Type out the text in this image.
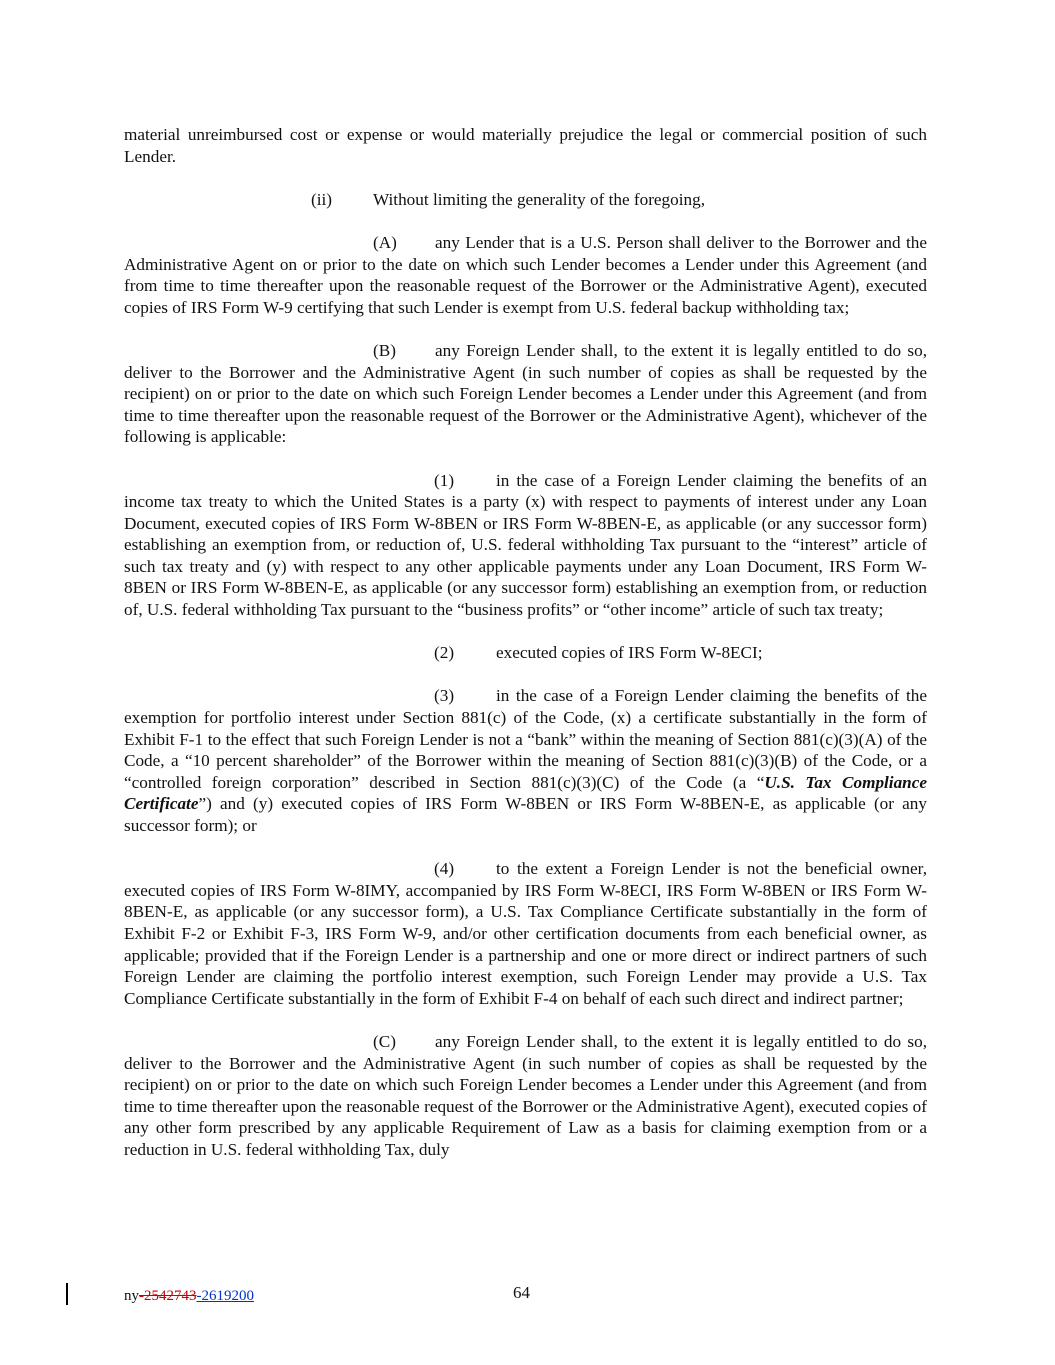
material unreimbursed cost or expense or would materially prejudice the legal or commercial position of such Lender.

(ii) Without limiting the generality of the foregoing,

(A) any Lender that is a U.S. Person shall deliver to the Borrower and the Administrative Agent on or prior to the date on which such Lender becomes a Lender under this Agreement (and from time to time thereafter upon the reasonable request of the Borrower or the Administrative Agent), executed copies of IRS Form W-9 certifying that such Lender is exempt from U.S. federal backup withholding tax;

(B) any Foreign Lender shall, to the extent it is legally entitled to do so, deliver to the Borrower and the Administrative Agent (in such number of copies as shall be requested by the recipient) on or prior to the date on which such Foreign Lender becomes a Lender under this Agreement (and from time to time thereafter upon the reasonable request of the Borrower or the Administrative Agent), whichever of the following is applicable:

(1) in the case of a Foreign Lender claiming the benefits of an income tax treaty to which the United States is a party (x) with respect to payments of interest under any Loan Document, executed copies of IRS Form W-8BEN or IRS Form W-8BEN-E, as applicable (or any successor form) establishing an exemption from, or reduction of, U.S. federal withholding Tax pursuant to the “interest” article of such tax treaty and (y) with respect to any other applicable payments under any Loan Document, IRS Form W-8BEN or IRS Form W-8BEN-E, as applicable (or any successor form) establishing an exemption from, or reduction of, U.S. federal withholding Tax pursuant to the “business profits” or “other income” article of such tax treaty;

(2) executed copies of IRS Form W-8ECI;

(3) in the case of a Foreign Lender claiming the benefits of the exemption for portfolio interest under Section 881(c) of the Code, (x) a certificate substantially in the form of Exhibit F-1 to the effect that such Foreign Lender is not a “bank” within the meaning of Section 881(c)(3)(A) of the Code, a “10 percent shareholder” of the Borrower within the meaning of Section 881(c)(3)(B) of the Code, or a “controlled foreign corporation” described in Section 881(c)(3)(C) of the Code (a “U.S. Tax Compliance Certificate”) and (y) executed copies of IRS Form W-8BEN or IRS Form W-8BEN-E, as applicable (or any successor form); or

(4) to the extent a Foreign Lender is not the beneficial owner, executed copies of IRS Form W-8IMY, accompanied by IRS Form W-8ECI, IRS Form W-8BEN or IRS Form W-8BEN-E, as applicable (or any successor form), a U.S. Tax Compliance Certificate substantially in the form of Exhibit F-2 or Exhibit F-3, IRS Form W-9, and/or other certification documents from each beneficial owner, as applicable; provided that if the Foreign Lender is a partnership and one or more direct or indirect partners of such Foreign Lender are claiming the portfolio interest exemption, such Foreign Lender may provide a U.S. Tax Compliance Certificate substantially in the form of Exhibit F-4 on behalf of each such direct and indirect partner;

(C) any Foreign Lender shall, to the extent it is legally entitled to do so, deliver to the Borrower and the Administrative Agent (in such number of copies as shall be requested by the recipient) on or prior to the date on which such Foreign Lender becomes a Lender under this Agreement (and from time to time thereafter upon the reasonable request of the Borrower or the Administrative Agent), executed copies of any other form prescribed by any applicable Requirement of Law as a basis for claiming exemption from or a reduction in U.S. federal withholding Tax, duly

ny-2542743-2619200	64
